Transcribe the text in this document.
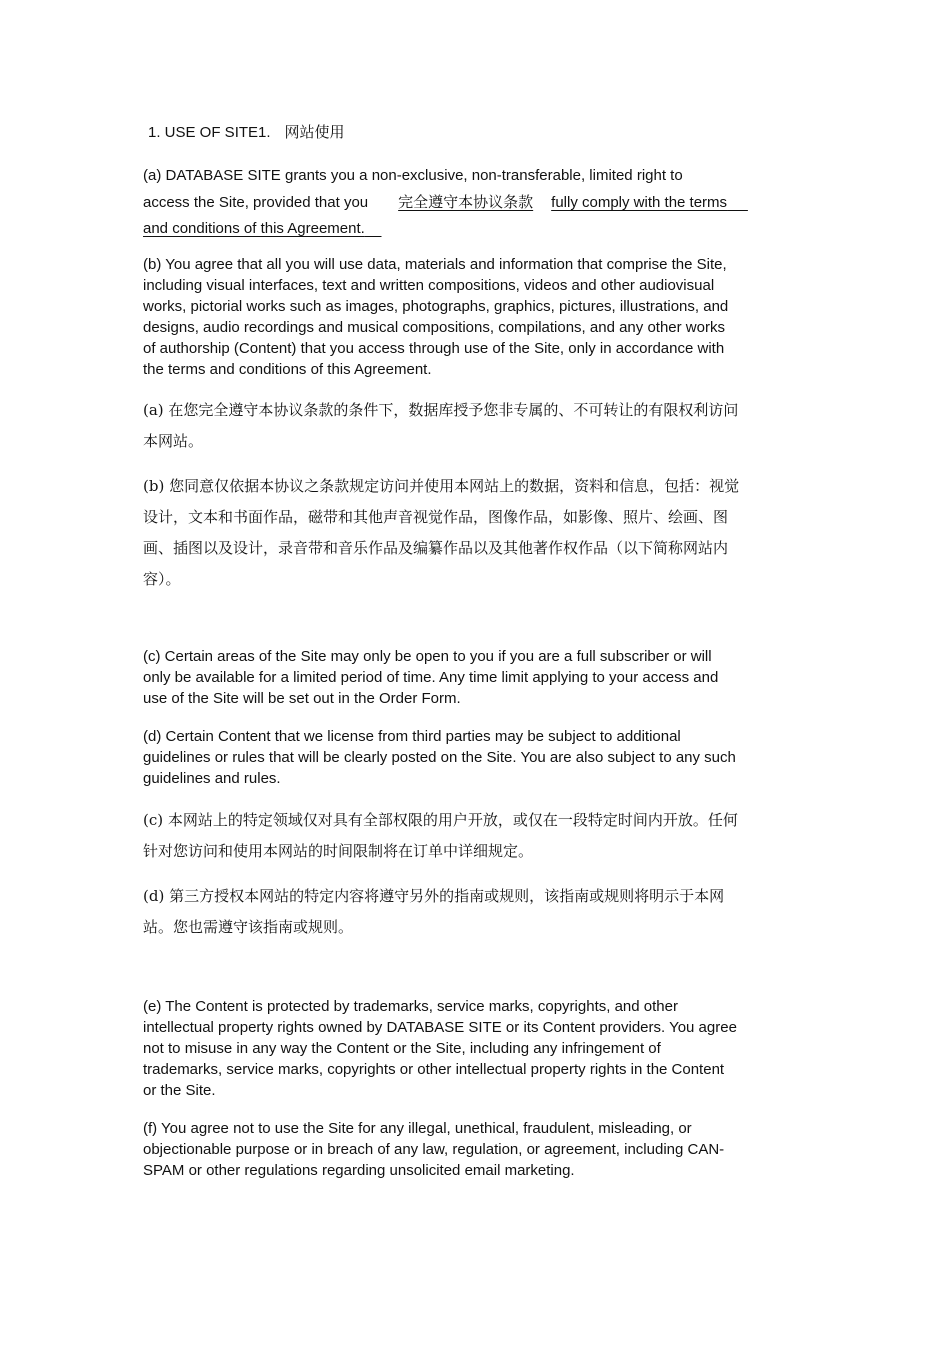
1. USE OF SITE1. 网站使用

(a) DATABASE SITE grants you a non-exclusive, non-transferable, limited right to
access the Site, provided that you 完全遵守本协议条款 fully comply with the terms
and conditions of this Agreement.

(b) You agree that all you will use data, materials and information that comprise the Site, including visual interfaces, text and written compositions, videos and other audiovisual works, pictorial works such as images, photographs, graphics, pictures, illustrations, and designs, audio recordings and musical compositions, compilations, and any other works of authorship (Content) that you access through use of the Site, only in accordance with the terms and conditions of this Agreement.

(a) 在您完全遵守本协议条款的条件下，数据库授予您非专属的、不可转让的有限权利访问本网站。

(b) 您同意仅依据本协议之条款规定访问并使用本网站上的数据，资料和信息，包括：视觉设计，文本和书面作品，磁带和其他声音视觉作品，图像作品，如影像、照片、绘画、图画、插图以及设计，录音带和音乐作品及编纂作品以及其他著作权作品（以下简称网站内容）。

(c) Certain areas of the Site may only be open to you if you are a full subscriber or will only be available for a limited period of time. Any time limit applying to your access and use of the Site will be set out in the Order Form.

(d) Certain Content that we license from third parties may be subject to additional guidelines or rules that will be clearly posted on the Site. You are also subject to any such guidelines and rules.

(c) 本网站上的特定领域仅对具有全部权限的用户开放，或仅在一段特定时间内开放。任何针对您访问和使用本网站的时间限制将在订单中详细规定。

(d) 第三方授权本网站的特定内容将遵守另外的指南或规则，该指南或规则将明示于本网站。您也需遵守该指南或规则。

(e) The Content is protected by trademarks, service marks, copyrights, and other intellectual property rights owned by DATABASE SITE or its Content providers. You agree not to misuse in any way the Content or the Site, including any infringement of trademarks, service marks, copyrights or other intellectual property rights in the Content or the Site.

(f) You agree not to use the Site for any illegal, unethical, fraudulent, misleading, or objectionable purpose or in breach of any law, regulation, or agreement, including CAN-SPAM or other regulations regarding unsolicited email marketing.
